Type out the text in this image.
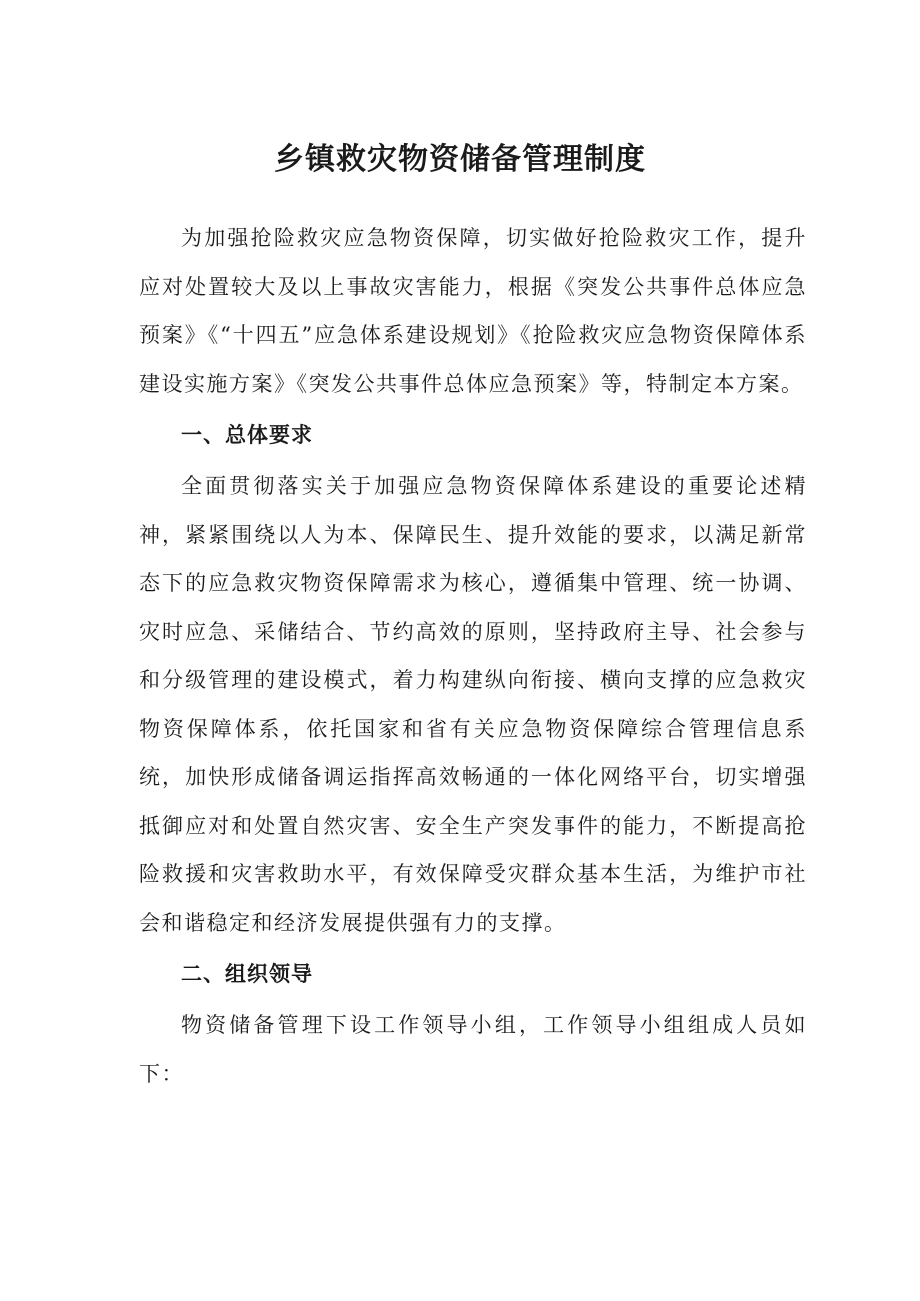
乡镇救灾物资储备管理制度

为加强抢险救灾应急物资保障，切实做好抢险救灾工作，提升应对处置较大及以上事故灾害能力，根据《突发公共事件总体应急预案》《“十四五”应急体系建设规划》《抢险救灾应急物资保障体系建设实施方案》《突发公共事件总体应急预案》等，特制定本方案。

一、总体要求

全面贯彻落实关于加强应急物资保障体系建设的重要论述精神，紧紧围绕以人为本、保障民生、提升效能的要求，以满足新常态下的应急救灾物资保障需求为核心，遵循集中管理、统一协调、灾时应急、采储结合、节约高效的原则，坚持政府主导、社会参与和分级管理的建设模式，着力构建纵向衔接、横向支撑的应急救灾物资保障体系，依托国家和省有关应急物资保障综合管理信息系统，加快形成储备调运指挥高效畅通的一体化网络平台，切实增强抵御应对和处置自然灾害、安全生产突发事件的能力，不断提高抢险救援和灾害救助水平，有效保障受灾群众基本生活，为维护市社会和谐稳定和经济发展提供强有力的支撑。

二、组织领导

物资储备管理下设工作领导小组，工作领导小组组成人员如下：
